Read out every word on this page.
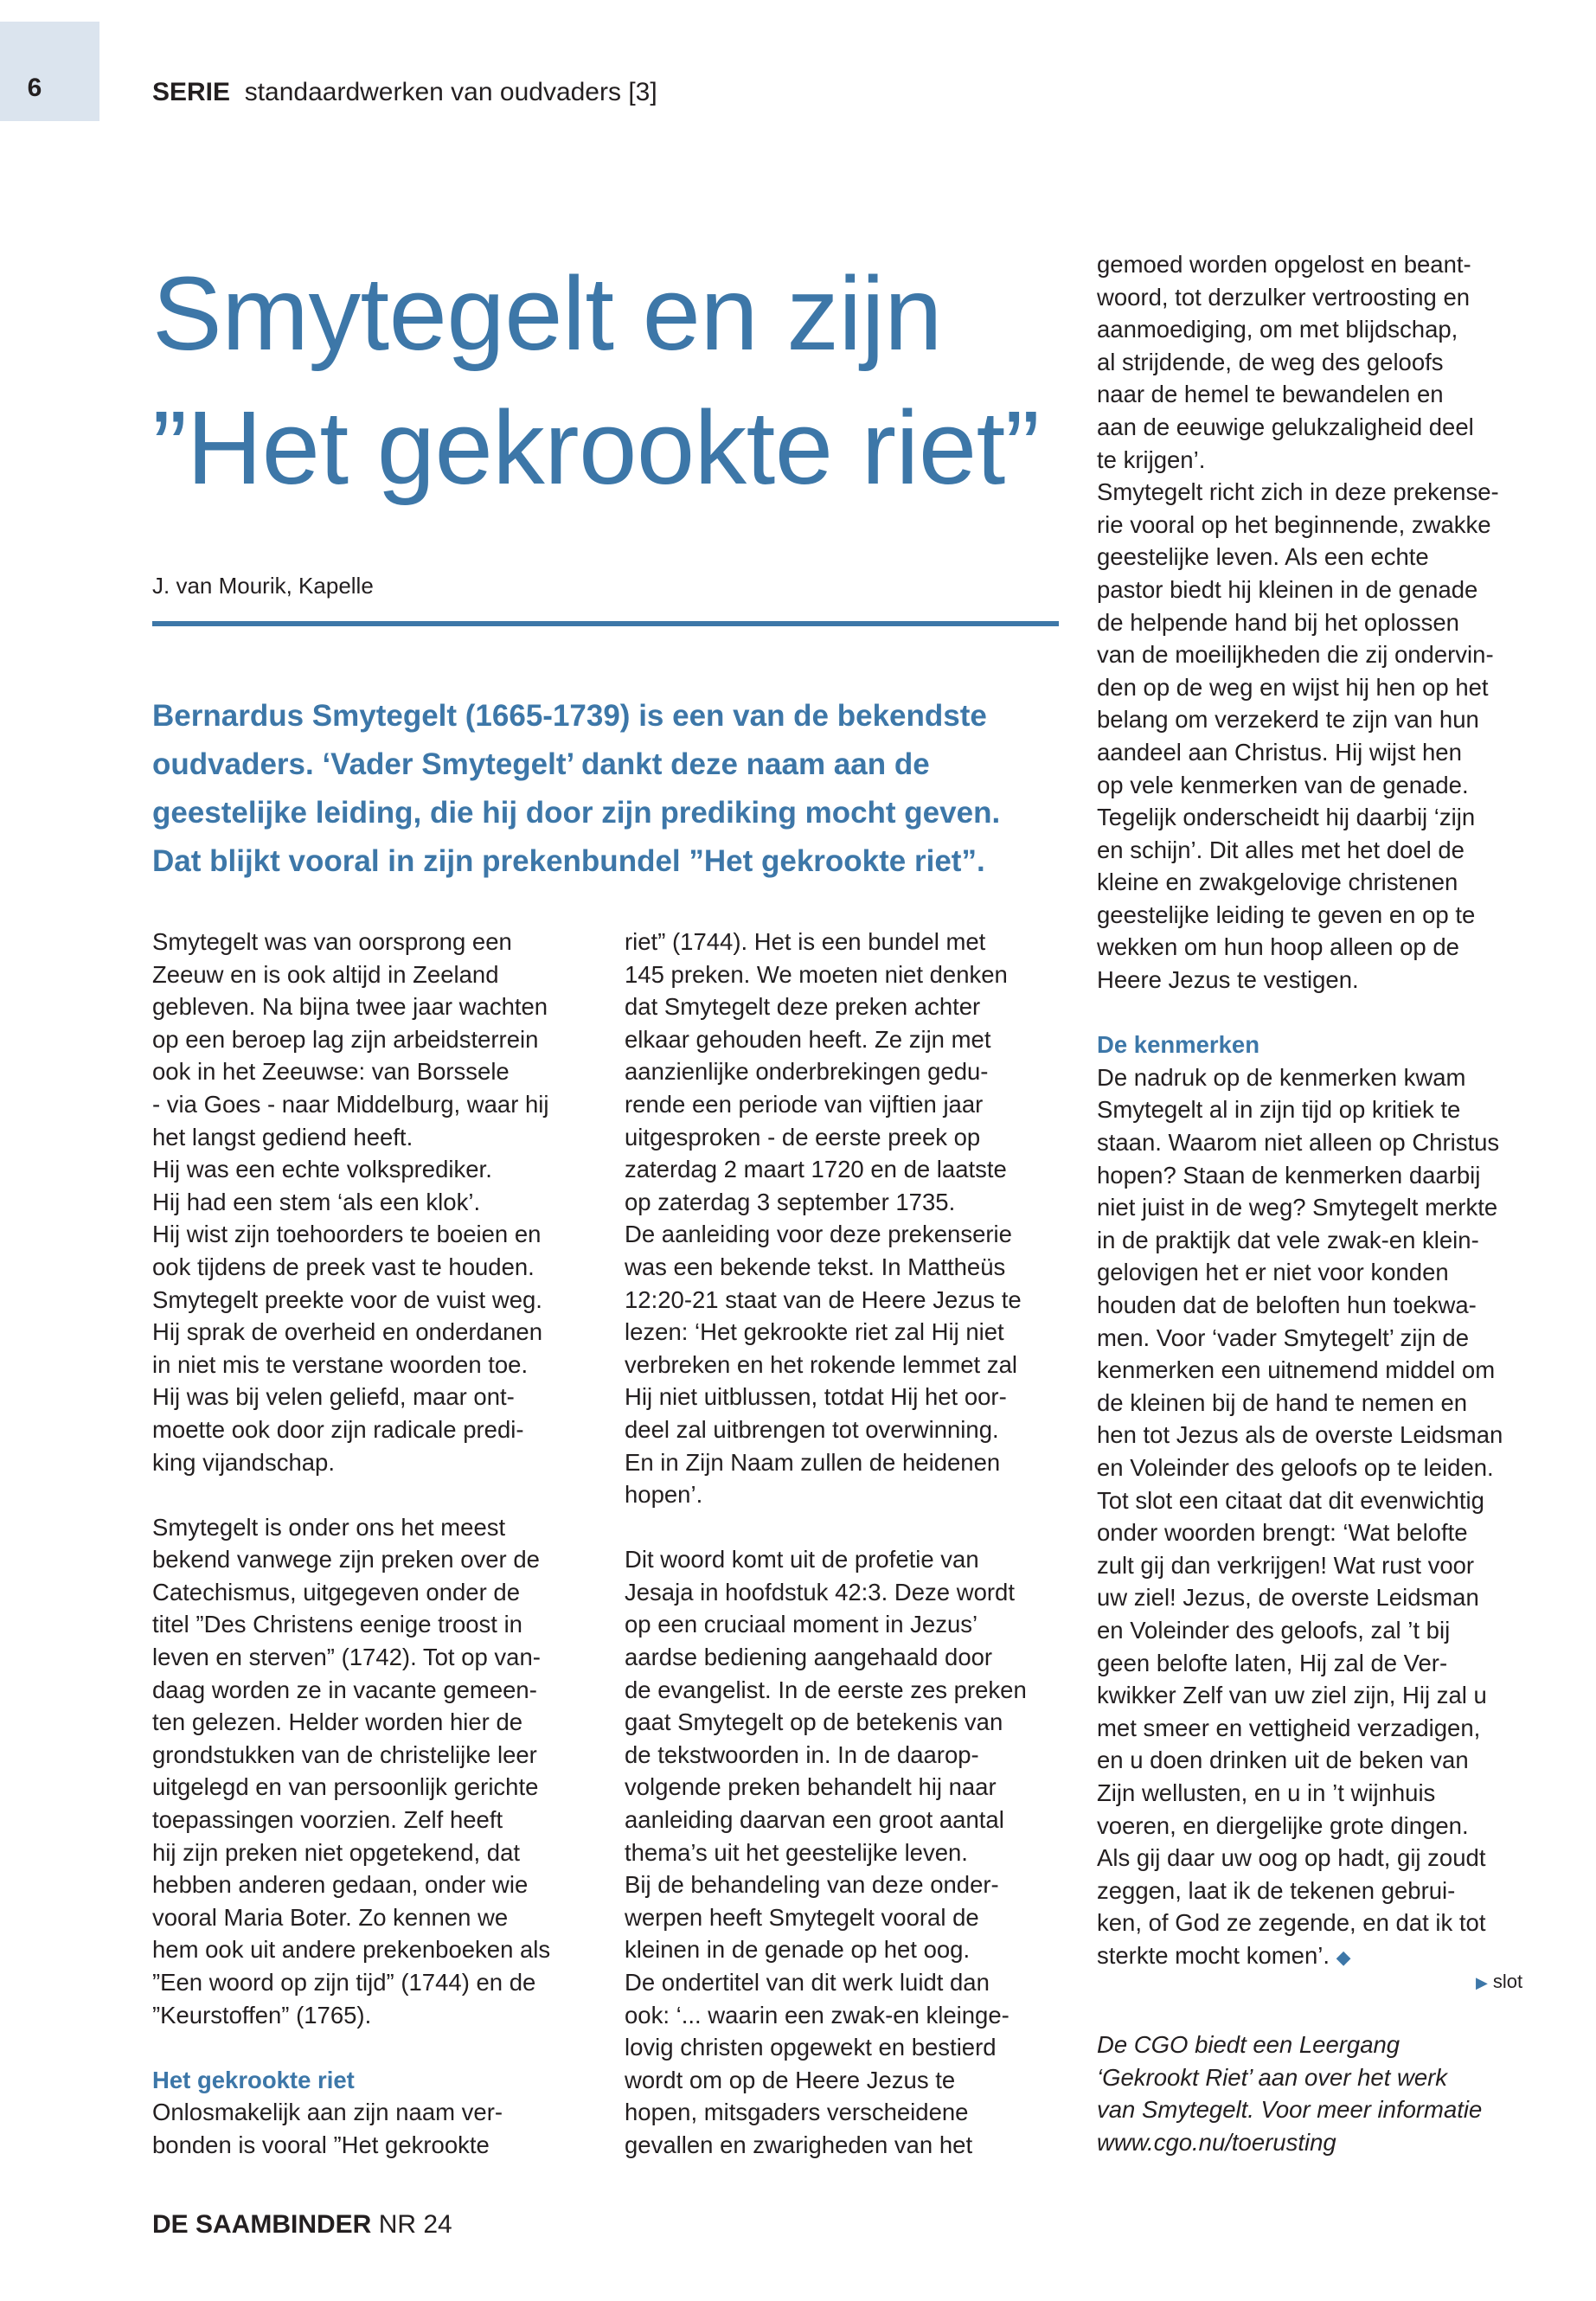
6	SERIE standaardwerken van oudvaders [3]
Smytegelt en zijn
”Het gekrookte riet”
J. van Mourik, Kapelle

Bernardus Smytegelt (1665-1739) is een van de bekendste
oudvaders. ‘Vader Smytegelt’ dankt deze naam aan de
geestelijke leiding, die hij door zijn prediking mocht geven.
Dat blijkt vooral in zijn prekenbundel ”Het gekrookte riet”.

Smytegelt was van oorsprong een
Zeeuw en is ook altijd in Zeeland
gebleven. Na bijna twee jaar wachten
op een beroep lag zijn arbeidsterrein
ook in het Zeeuwse: van Borssele
- via Goes - naar Middelburg, waar hij
het langst gediend heeft.
Hij was een echte volksprediker.
Hij had een stem ‘als een klok’.
Hij wist zijn toehoorders te boeien en
ook tijdens de preek vast te houden.
Smytegelt preekte voor de vuist weg.
Hij sprak de overheid en onderdanen
in niet mis te verstane woorden toe.
Hij was bij velen geliefd, maar ont-
moette ook door zijn radicale predi-
king vijandschap.
Smytegelt is onder ons het meest
bekend vanwege zijn preken over de
Catechismus, uitgegeven onder de
titel ”Des Christens eenige troost in
leven en sterven” (1742). Tot op van-
daag worden ze in vacante gemeen-
ten gelezen. Helder worden hier de
grondstukken van de christelijke leer
uitgelegd en van persoonlijk gerichte
toepassingen voorzien. Zelf heeft
hij zijn preken niet opgetekend, dat
hebben anderen gedaan, onder wie
vooral Maria Boter. Zo kennen we
hem ook uit andere prekenboeken als
”Een woord op zijn tijd” (1744) en de
”Keurstoffen” (1765).
Het gekrookte riet
Onlosmakelijk aan zijn naam ver-
bonden is vooral ”Het gekrookte
riet” (1744). Het is een bundel met
145 preken. We moeten niet denken
dat Smytegelt deze preken achter
elkaar gehouden heeft. Ze zijn met
aanzienlijke onderbrekingen gedu-
rende een periode van vijftien jaar
uitgesproken - de eerste preek op
zaterdag 2 maart 1720 en de laatste
op zaterdag 3 september 1735.
De aanleiding voor deze prekenserie
was een bekende tekst. In Mattheüs
12:20-21 staat van de Heere Jezus te
lezen: ‘Het gekrookte riet zal Hij niet
verbreken en het rokende lemmet zal
Hij niet uitblussen, totdat Hij het oor-
deel zal uitbrengen tot overwinning.
En in Zijn Naam zullen de heidenen
hopen’.
Dit woord komt uit de profetie van
Jesaja in hoofdstuk 42:3. Deze wordt
op een cruciaal moment in Jezus’
aardse bediening aangehaald door
de evangelist. In de eerste zes preken
gaat Smytegelt op de betekenis van
de tekstwoorden in. In de daarop-
volgende preken behandelt hij naar
aanleiding daarvan een groot aantal
thema’s uit het geestelijke leven.
Bij de behandeling van deze onder-
werpen heeft Smytegelt vooral de
kleinen in de genade op het oog.
De ondertitel van dit werk luidt dan
ook: ‘... waarin een zwak-en kleinge-
lovig christen opgewekt en bestierd
wordt om op de Heere Jezus te
hopen, mitsgaders verscheidene
gevallen en zwarigheden van het
gemoed worden opgelost en beant-
woord, tot derzulker vertroosting en
aanmoediging, om met blijdschap,
al strijdende, de weg des geloofs
naar de hemel te bewandelen en
aan de eeuwige gelukzaligheid deel
te krijgen’.
Smytegelt richt zich in deze prekense-
rie vooral op het beginnende, zwakke
geestelijke leven. Als een echte
pastor biedt hij kleinen in de genade
de helpende hand bij het oplossen
van de moeilijkheden die zij ondervin-
den op de weg en wijst hij hen op het
belang om verzekerd te zijn van hun
aandeel aan Christus. Hij wijst hen
op vele kenmerken van de genade.
Tegelijk onderscheidt hij daarbij ‘zijn
en schijn’. Dit alles met het doel de
kleine en zwakgelovige christenen
geestelijke leiding te geven en op te
wekken om hun hoop alleen op de
Heere Jezus te vestigen.
De kenmerken
De nadruk op de kenmerken kwam
Smytegelt al in zijn tijd op kritiek te
staan. Waarom niet alleen op Christus
hopen? Staan de kenmerken daarbij
niet juist in de weg? Smytegelt merkte
in de praktijk dat vele zwak-en klein-
gelovigen het er niet voor konden
houden dat de beloften hun toekwa-
men. Voor ‘vader Smytegelt’ zijn de
kenmerken een uitnemend middel om
de kleinen bij de hand te nemen en
hen tot Jezus als de overste Leidsman
en Voleinder des geloofs op te leiden.
Tot slot een citaat dat dit evenwichtig
onder woorden brengt: ‘Wat belofte
zult gij dan verkrijgen! Wat rust voor
uw ziel! Jezus, de overste Leidsman
en Voleinder des geloofs, zal ’t bij
geen belofte laten, Hij zal de Ver-
kwikker Zelf van uw ziel zijn, Hij zal u
met smeer en vettigheid verzadigen,
en u doen drinken uit de beken van
Zijn wellusten, en u in ’t wijnhuis
voeren, en diergelijke grote dingen.
Als gij daar uw oog op hadt, gij zoudt
zeggen, laat ik de tekenen gebrui-
ken, of God ze zegende, en dat ik tot
sterkte mocht komen’. ◆
▶ slot
De CGO biedt een Leergang
‘Gekrookt Riet’ aan over het werk
van Smytegelt. Voor meer informatie
www.cgo.nu/toerusting
DE SAAMBINDER NR 24
